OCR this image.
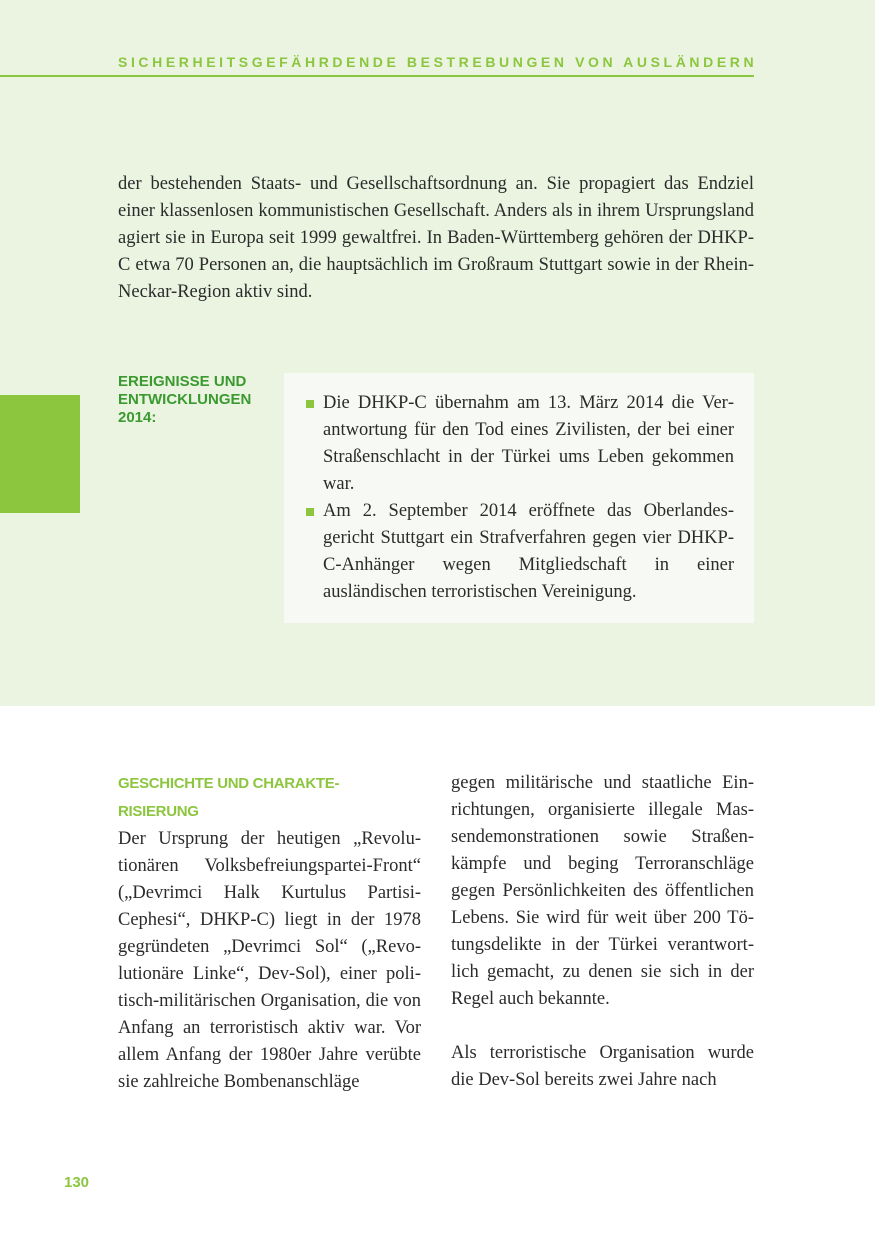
SICHERHEITSGEFÄHRDENDE BESTREBUNGEN VON AUSLÄNDERN

der bestehenden Staats- und Gesellschaftsordnung an. Sie propagiert das Endziel einer klassenlosen kommunistischen Gesellschaft. Anders als in ihrem Ursprungsland agiert sie in Europa seit 1999 gewaltfrei. In Baden-Württemberg gehören der DHKP-C etwa 70 Personen an, die hauptsächlich im Großraum Stuttgart sowie in der Rhein-Neckar-Region aktiv sind.

EREIGNISSE UND
ENTWICKLUNGEN
2014:
Die DHKP-C übernahm am 13. März 2014 die Verantwortung für den Tod eines Zivilisten, der bei einer Straßenschlacht in der Türkei ums Leben gekommen war.
Am 2. September 2014 eröffnete das Oberlandesgericht Stuttgart ein Strafverfahren gegen vier DHKP-C-Anhänger wegen Mitgliedschaft in einer ausländischen terroristischen Vereinigung.
GESCHICHTE UND CHARAKTE-
RISIERUNG

Der Ursprung der heutigen „Revolutionären Volksbefreiungspartei-Front“ („Devrimci Halk Kurtulus Partisi-Cephesi“, DHKP-C) liegt in der 1978 gegründeten „Devrimci Sol“ („Revolutionäre Linke“, Dev-Sol), einer politisch-militärischen Organisation, die von Anfang an terroristisch aktiv war. Vor allem Anfang der 1980er Jahre verübte sie zahlreiche Bombenanschläge

gegen militärische und staatliche Einrichtungen, organisierte illegale Massendemonstrationen sowie Straßenkämpfe und beging Terroranschläge gegen Persönlichkeiten des öffentlichen Lebens. Sie wird für weit über 200 Tötungsdelikte in der Türkei verantwortlich gemacht, zu denen sie sich in der Regel auch bekannte.

Als terroristische Organisation wurde die Dev-Sol bereits zwei Jahre nach

130
